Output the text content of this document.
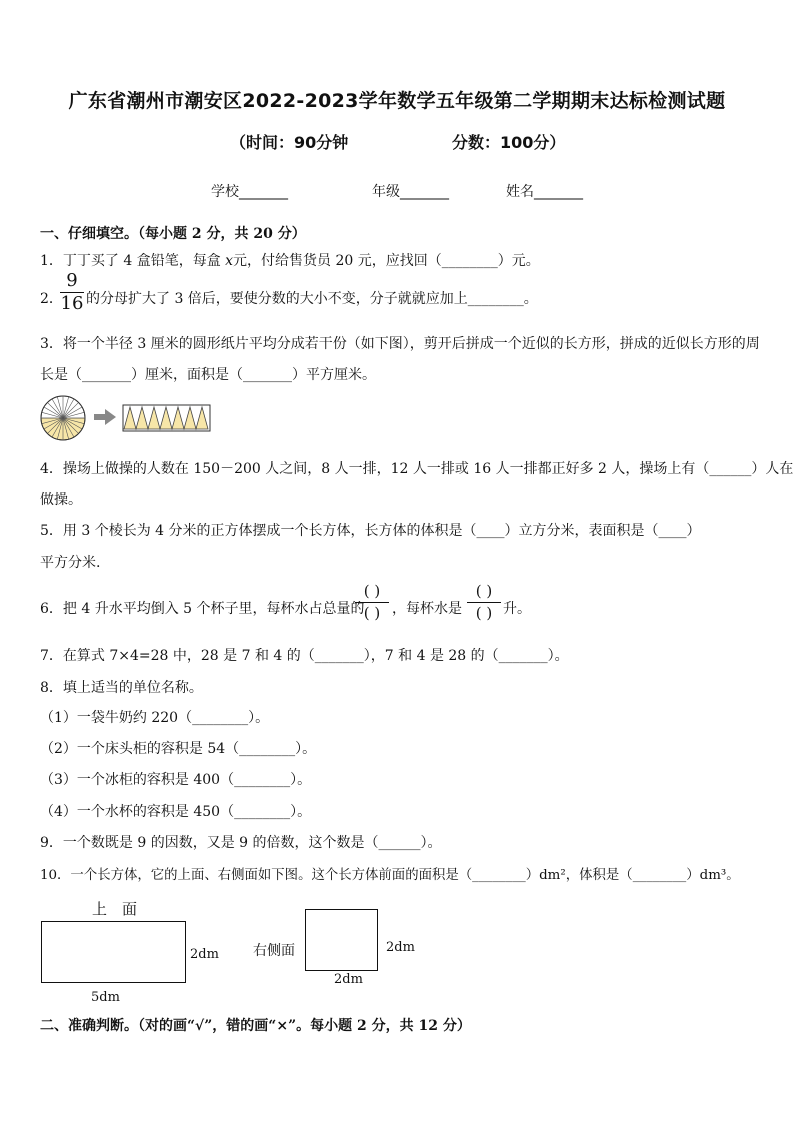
广东省潮州市潮安区2022-2023学年数学五年级第二学期期末达标检测试题
（时间：90分钟	分数：100分）
学校_______	年级_______	姓名_______
一、仔细填空。（每小题 2 分，共 20 分）
1．丁丁买了 4 盒铅笔，每盒 𝑥元，付给售货员 20 元，应找回（________）元。
2．
9
16 的分母扩大了 3 倍后，要使分数的大小不变，分子就就应加上________。
3．将一个半径 3 厘米的圆形纸片平均分成若干份（如下图），剪开后拼成一个近似的长方形，拼成的近似长方形的周
长是（_______）厘米，面积是（_______）平方厘米。
4．操场上做操的人数在 150－200 人之间，8 人一排，12 人一排或 16 人一排都正好多 2 人，操场上有（______）人在
做操。
5．用 3 个棱长为 4 分米的正方体摆成一个长方体，长方体的体积是（____）立方分米，表面积是（____）
平方分米.
6．把 4 升水平均倒入 5 个杯子里，每杯水占总量的
( )
( ) ，每杯水是
( )
( ) 升。
7．在算式 7×4=28 中，28 是 7 和 4 的（_______），7 和 4 是 28 的（_______）。
8．填上适当的单位名称。
（1）一袋牛奶约 220（________）。
（2）一个床头柜的容积是 54（________）。
（3）一个冰柜的容积是 400（________）。
（4）一个水杯的容积是 450（________）。
9．一个数既是 9 的因数，又是 9 的倍数，这个数是（______）。
10．一个长方体，它的上面、右侧面如下图。这个长方体前面的面积是（________）dm²，体积是（________）dm³。
上　面
2dm
5dm
右侧面	2dm
2dm
二、准确判断。（对的画“√”，错的画“×”。每小题 2 分，共 12 分）
